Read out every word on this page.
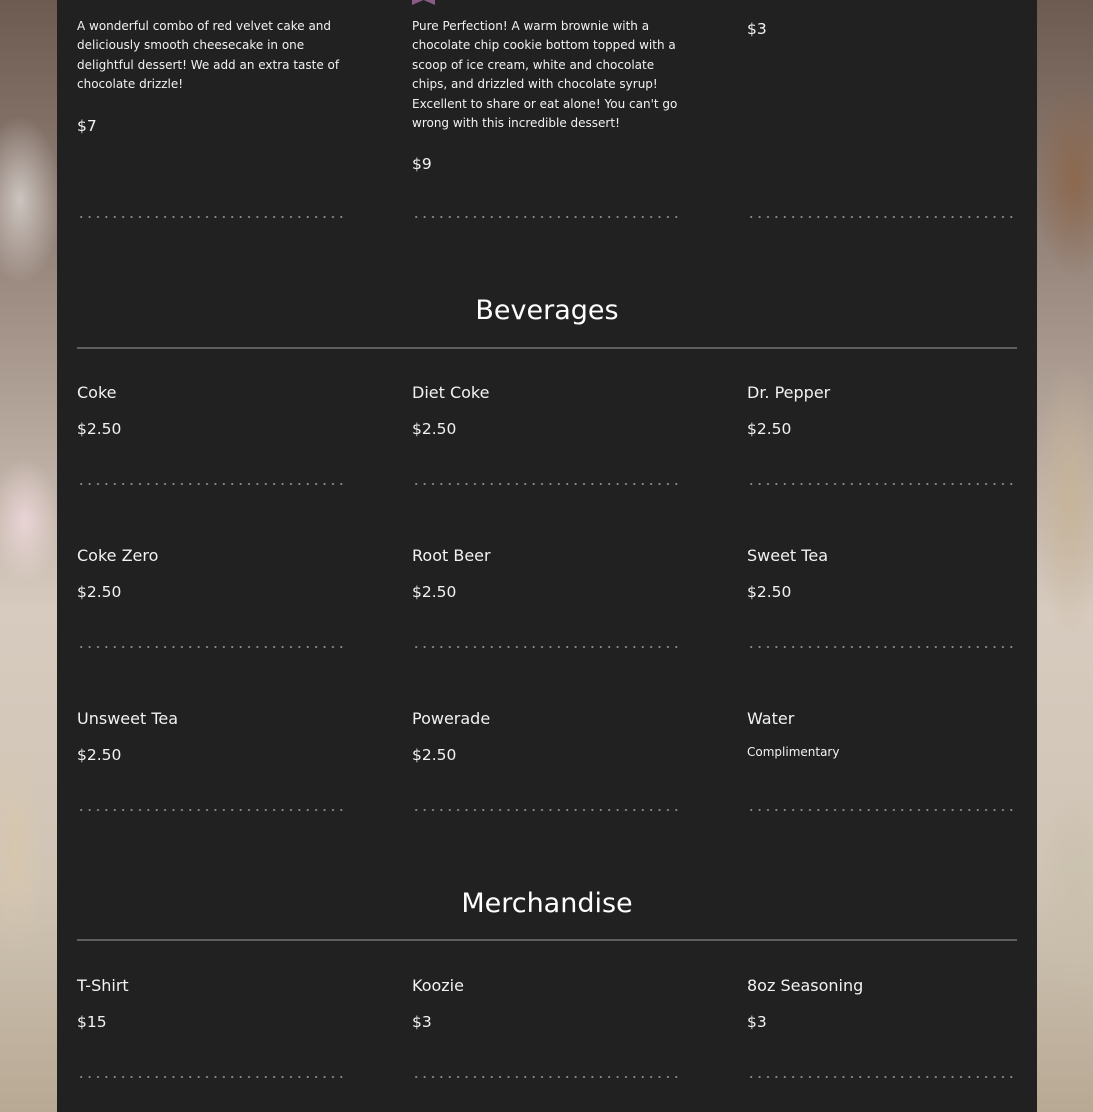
A wonderful combo of red velvet cake and deliciously smooth cheesecake in one delightful dessert! We add an extra taste of chocolate drizzle!
$7
Pure Perfection! A warm brownie with a chocolate chip cookie bottom topped with a scoop of ice cream, white and chocolate chips, and drizzled with chocolate syrup! Excellent to share or eat alone! You can't go wrong with this incredible dessert!
$9
$3
Beverages
Coke
$2.50
Diet Coke
$2.50
Dr. Pepper
$2.50
Coke Zero
$2.50
Root Beer
$2.50
Sweet Tea
$2.50
Unsweet Tea
$2.50
Powerade
$2.50
Water
Complimentary
Merchandise
T-Shirt
$15
Koozie
$3
8oz Seasoning
$3
